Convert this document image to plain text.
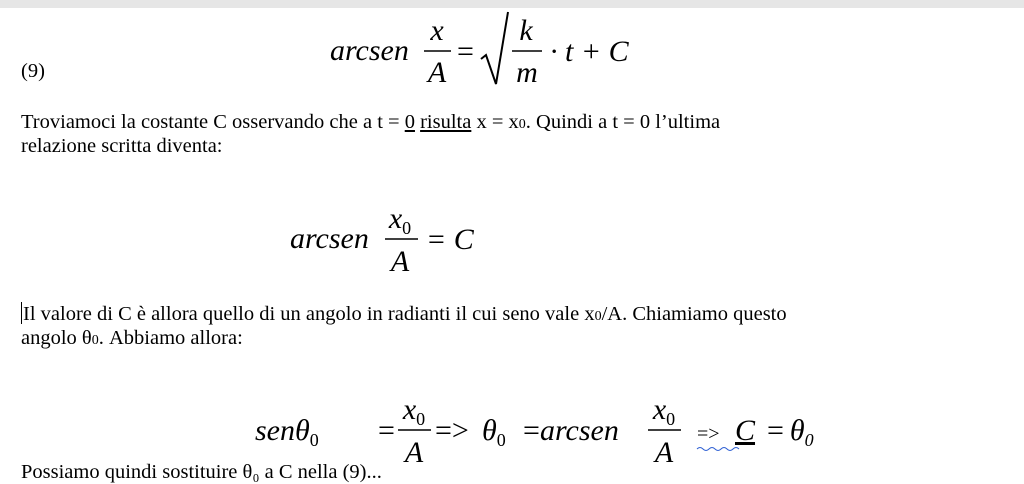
(9)
arcsen
x
A
=
k
m
· t + C
Troviamoci la costante C osservando che a t = 0 risulta x = x0. Quindi a t = 0 l’ultima
relazione scritta diventa:
arcsen
$x_0$
A
= C
Il valore di C è allora quello di un angolo in radianti il cui seno vale x0/A. Chiamiamo questo
angolo θ0. Abbiamo allora:
senθ$_0$ =
$x_0$
A
=> $\theta_0$ = arcsen
$x_0$
A
=> $C = \theta_0$
Possiamo quindi sostituire θ₀ a C nella (9)...
